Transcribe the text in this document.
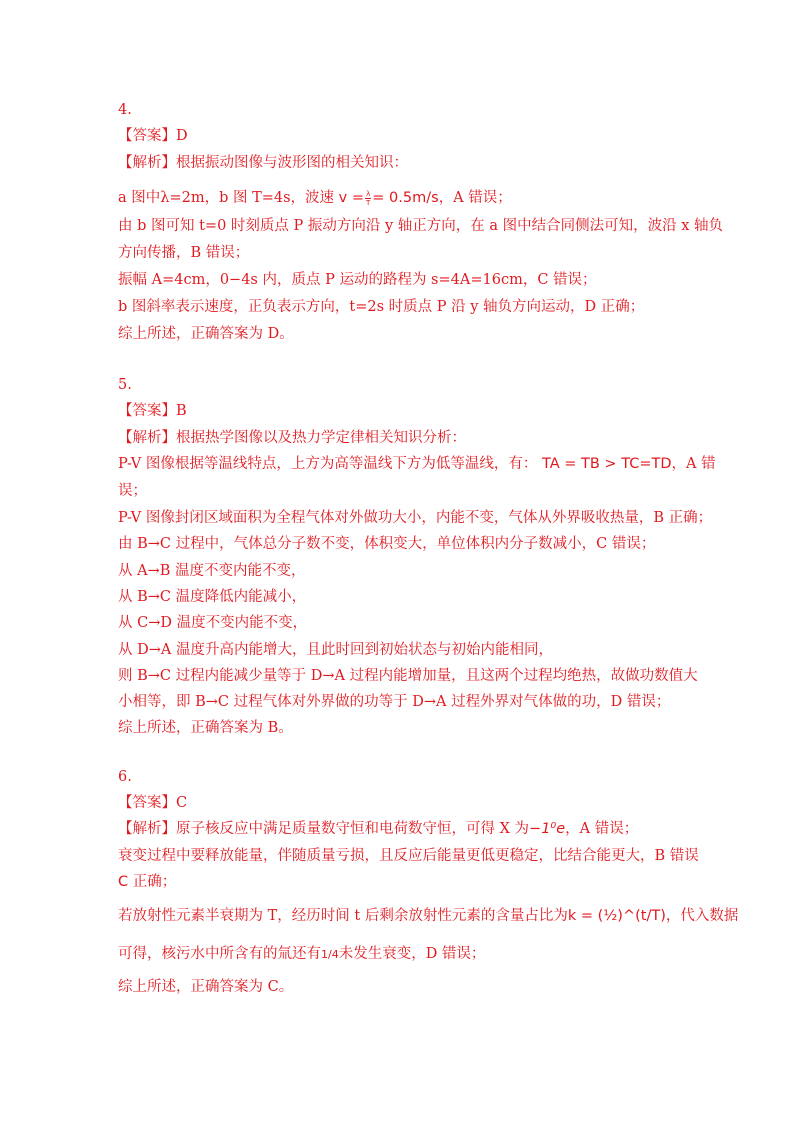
4.
【答案】D
【解析】根据振动图像与波形图的相关知识：
a 图中λ=2m，b 图 T=4s，波速 $v = \frac{\lambda}{T} = 0.5m/s$，A 错误；
由 b 图可知 t=0 时刻质点 P 振动方向沿 y 轴正方向，在 a 图中结合同侧法可知，波沿 x 轴负
方向传播，B 错误；
振幅 A=4cm，0−4s 内，质点 P 运动的路程为 s=4A=16cm，C 错误；
b 图斜率表示速度，正负表示方向，t=2s 时质点 P 沿 y 轴负方向运动，D 正确；
综上所述，正确答案为 D。
5.
【答案】B
【解析】根据热学图像以及热力学定律相关知识分析：
P-V 图像根据等温线特点，上方为高等温线下方为低等温线，有： TA = TB > TC=TD，A 错
误；
P-V 图像封闭区域面积为全程气体对外做功大小，内能不变，气体从外界吸收热量，B 正确；
由 B→C 过程中，气体总分子数不变，体积变大，单位体积内分子数减小，C 错误；
从 A→B 温度不变内能不变，
从 B→C 温度降低内能减小，
从 C→D 温度不变内能不变，
从 D→A 温度升高内能增大，且此时回到初始状态与初始内能相同，
则 B→C 过程内能减少量等于 D→A 过程内能增加量，且这两个过程均绝热，故做功数值大
小相等，即 B→C 过程气体对外界做的功等于 D→A 过程外界对气体做的功，D 错误；
综上所述，正确答案为 B。
6.
【答案】C
【解析】原子核反应中满足质量数守恒和电荷数守恒，可得 X 为−1⁰e，A 错误；
衰变过程中要释放能量，伴随质量亏损，且反应后能量更低更稳定，比结合能更大，B 错误
C 正确；
若放射性元素半衰期为 T，经历时间 t 后剩余放射性元素的含量占比为k = (½)^(t/T)，代入数据
可得，核污水中所含有的氚还有1/4未发生衰变，D 错误；
综上所述，正确答案为 C。
